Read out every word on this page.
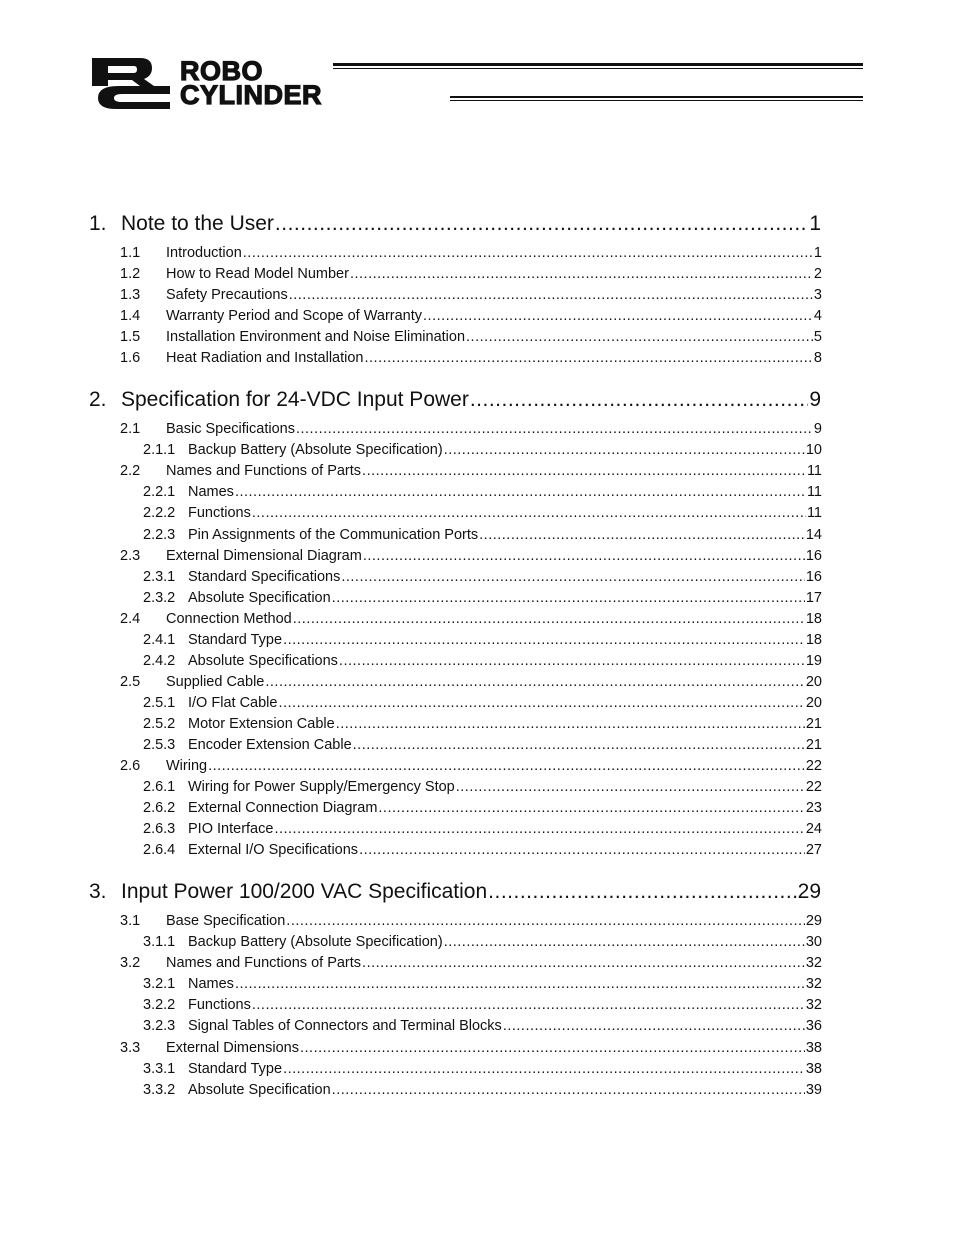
ROBO
CYLINDER
1. Note to the User .....	1
1.1	Introduction .....	1
1.2	How to Read Model Number .....	2
1.3	Safety Precautions .....	3
1.4	Warranty Period and Scope of Warranty .....	4
1.5	Installation Environment and Noise Elimination .....	5
1.6	Heat Radiation and Installation .....	8
2. Specification for 24-VDC Input Power .....	9
2.1	Basic Specifications .....	9
2.1.1 Backup Battery (Absolute Specification) .....	10
2.2	Names and Functions of Parts .....	11
2.2.1 Names .....	11
2.2.2 Functions .....	11
2.2.3 Pin Assignments of the Communication Ports .....	14
2.3	External Dimensional Diagram .....	16
2.3.1 Standard Specifications .....	16
2.3.2 Absolute Specification .....	17
2.4	Connection Method .....	18
2.4.1 Standard Type .....	18
2.4.2 Absolute Specifications .....	19
2.5	Supplied Cable .....	20
2.5.1 I/O Flat Cable .....	20
2.5.2 Motor Extension Cable .....	21
2.5.3 Encoder Extension Cable .....	21
2.6	Wiring .....	22
2.6.1 Wiring for Power Supply/Emergency Stop .....	22
2.6.2 External Connection Diagram .....	23
2.6.3 PIO Interface .....	24
2.6.4 External I/O Specifications .....	27
3. Input Power 100/200 VAC Specification .....	29
3.1	Base Specification .....	29
3.1.1 Backup Battery (Absolute Specification) .....	30
3.2	Names and Functions of Parts .....	32
3.2.1 Names .....	32
3.2.2 Functions .....	32
3.2.3 Signal Tables of Connectors and Terminal Blocks .....	36
3.3	External Dimensions .....	38
3.3.1 Standard Type .....	38
3.3.2 Absolute Specification .....	39
